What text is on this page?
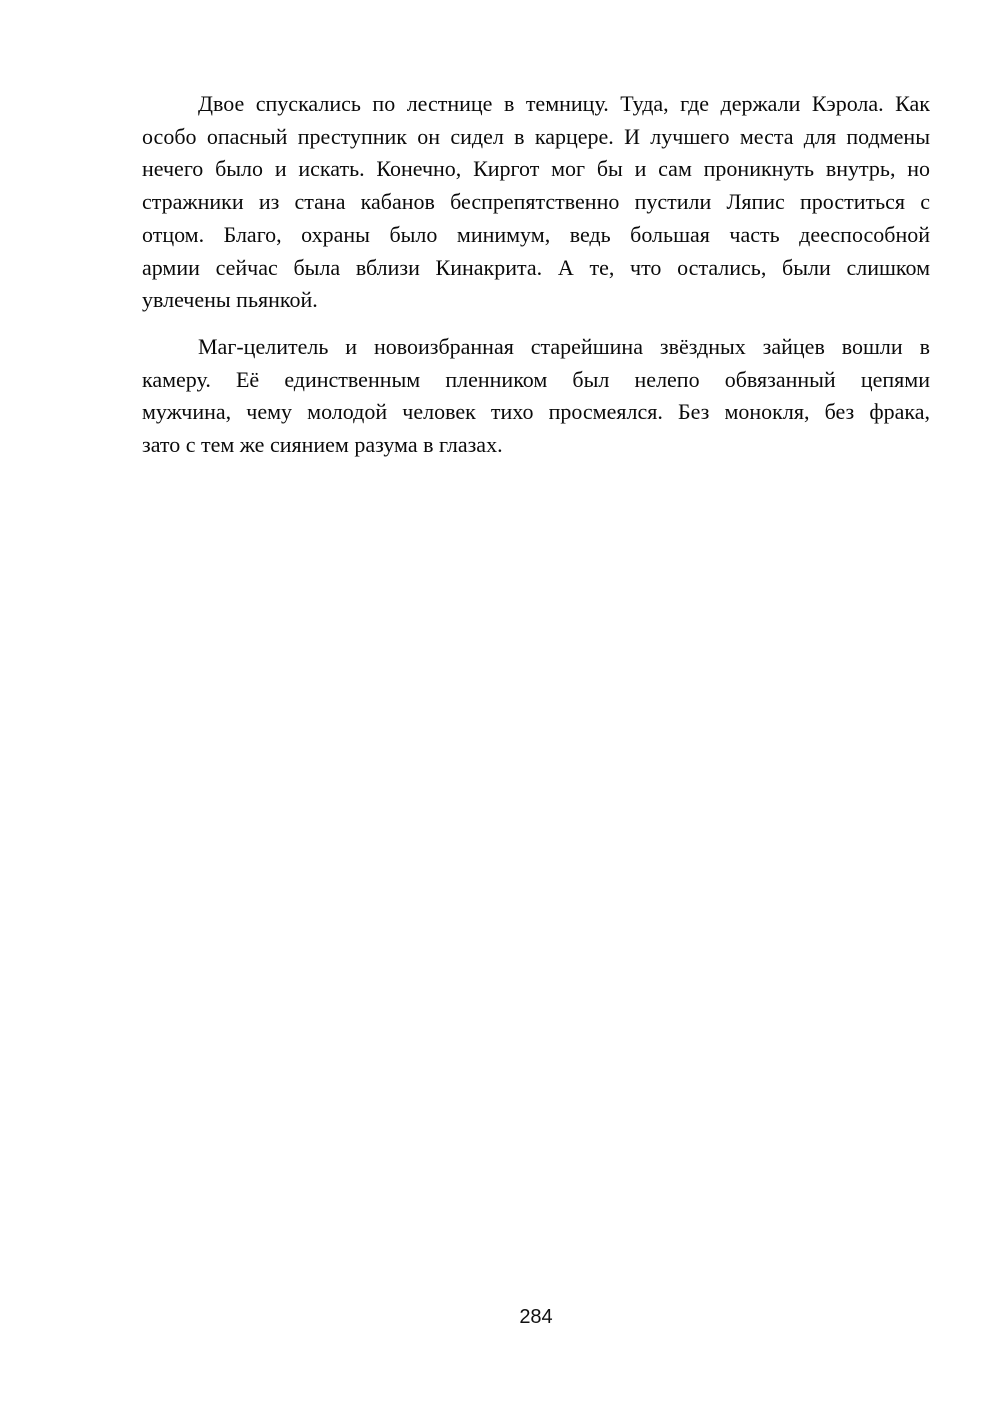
Двое спускались по лестнице в темницу. Туда, где держали Кэрола. Как
особо опасный преступник он сидел в карцере. И лучшего места для подмены
нечего было и искать. Конечно, Киргот мог бы и сам проникнуть внутрь, но
стражники из стана кабанов беспрепятственно пустили Ляпис проститься с
отцом. Благо, охраны было минимум, ведь большая часть дееспособной
армии сейчас была вблизи Кинакрита. А те, что остались, были слишком
увлечены пьянкой.
Маг-целитель и новоизбранная старейшина звёздных зайцев вошли в
камеру. Её единственным пленником был нелепо обвязанный цепями
мужчина, чему молодой человек тихо просмеялся. Без монокля, без фрака,
зато с тем же сиянием разума в глазах.
284
